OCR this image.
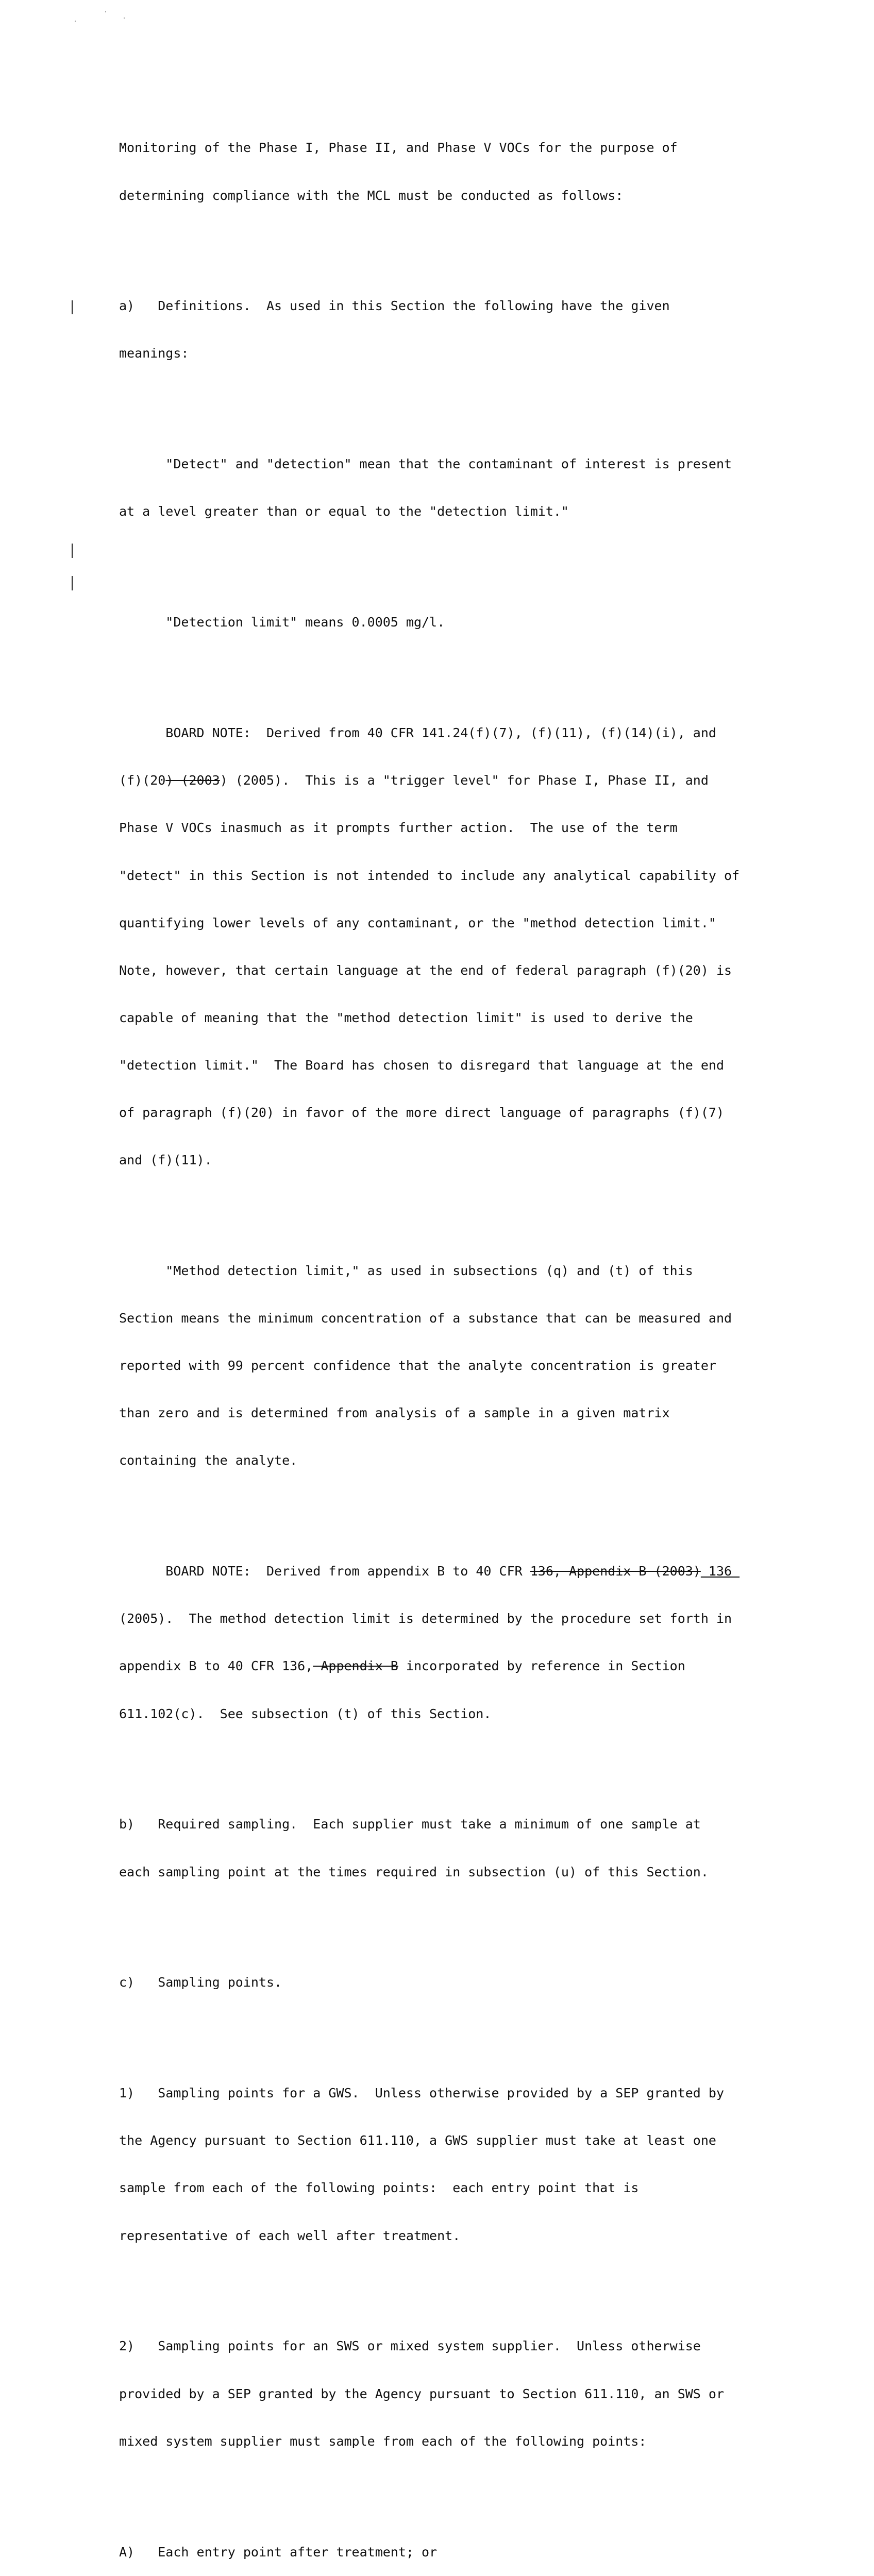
Monitoring of the Phase I, Phase II, and Phase V VOCs for the purpose of

determining compliance with the MCL must be conducted as follows:

a)   Definitions.  As used in this Section the following have the given

meanings:

"Detect" and "detection" mean that the contaminant of interest is present

at a level greater than or equal to the "detection limit."

"Detection limit" means 0.0005 mg/l.

BOARD NOTE:  Derived from 40 CFR 141.24(f)(7), (f)(11), (f)(14)(i), and

(f)(20) (2003) (2005).  This is a "trigger level" for Phase I, Phase II, and

Phase V VOCs inasmuch as it prompts further action.  The use of the term

"detect" in this Section is not intended to include any analytical capability of

quantifying lower levels of any contaminant, or the "method detection limit."

Note, however, that certain language at the end of federal paragraph (f)(20) is

capable of meaning that the "method detection limit" is used to derive the

"detection limit."  The Board has chosen to disregard that language at the end

of paragraph (f)(20) in favor of the more direct language of paragraphs (f)(7)

and (f)(11).

"Method detection limit," as used in subsections (q) and (t) of this

Section means the minimum concentration of a substance that can be measured and

reported with 99 percent confidence that the analyte concentration is greater

than zero and is determined from analysis of a sample in a given matrix

containing the analyte.

BOARD NOTE:  Derived from appendix B to 40 CFR 136, Appendix B (2003) 136

(2005).  The method detection limit is determined by the procedure set forth in

appendix B to 40 CFR 136, Appendix B incorporated by reference in Section

611.102(c).  See subsection (t) of this Section.

b)   Required sampling.  Each supplier must take a minimum of one sample at

each sampling point at the times required in subsection (u) of this Section.

c)   Sampling points.

1)   Sampling points for a GWS.  Unless otherwise provided by a SEP granted by

the Agency pursuant to Section 611.110, a GWS supplier must take at least one

sample from each of the following points:  each entry point that is

representative of each well after treatment.

2)   Sampling points for an SWS or mixed system supplier.  Unless otherwise

provided by a SEP granted by the Agency pursuant to Section 611.110, an SWS or

mixed system supplier must sample from each of the following points:

A)   Each entry point after treatment; or
